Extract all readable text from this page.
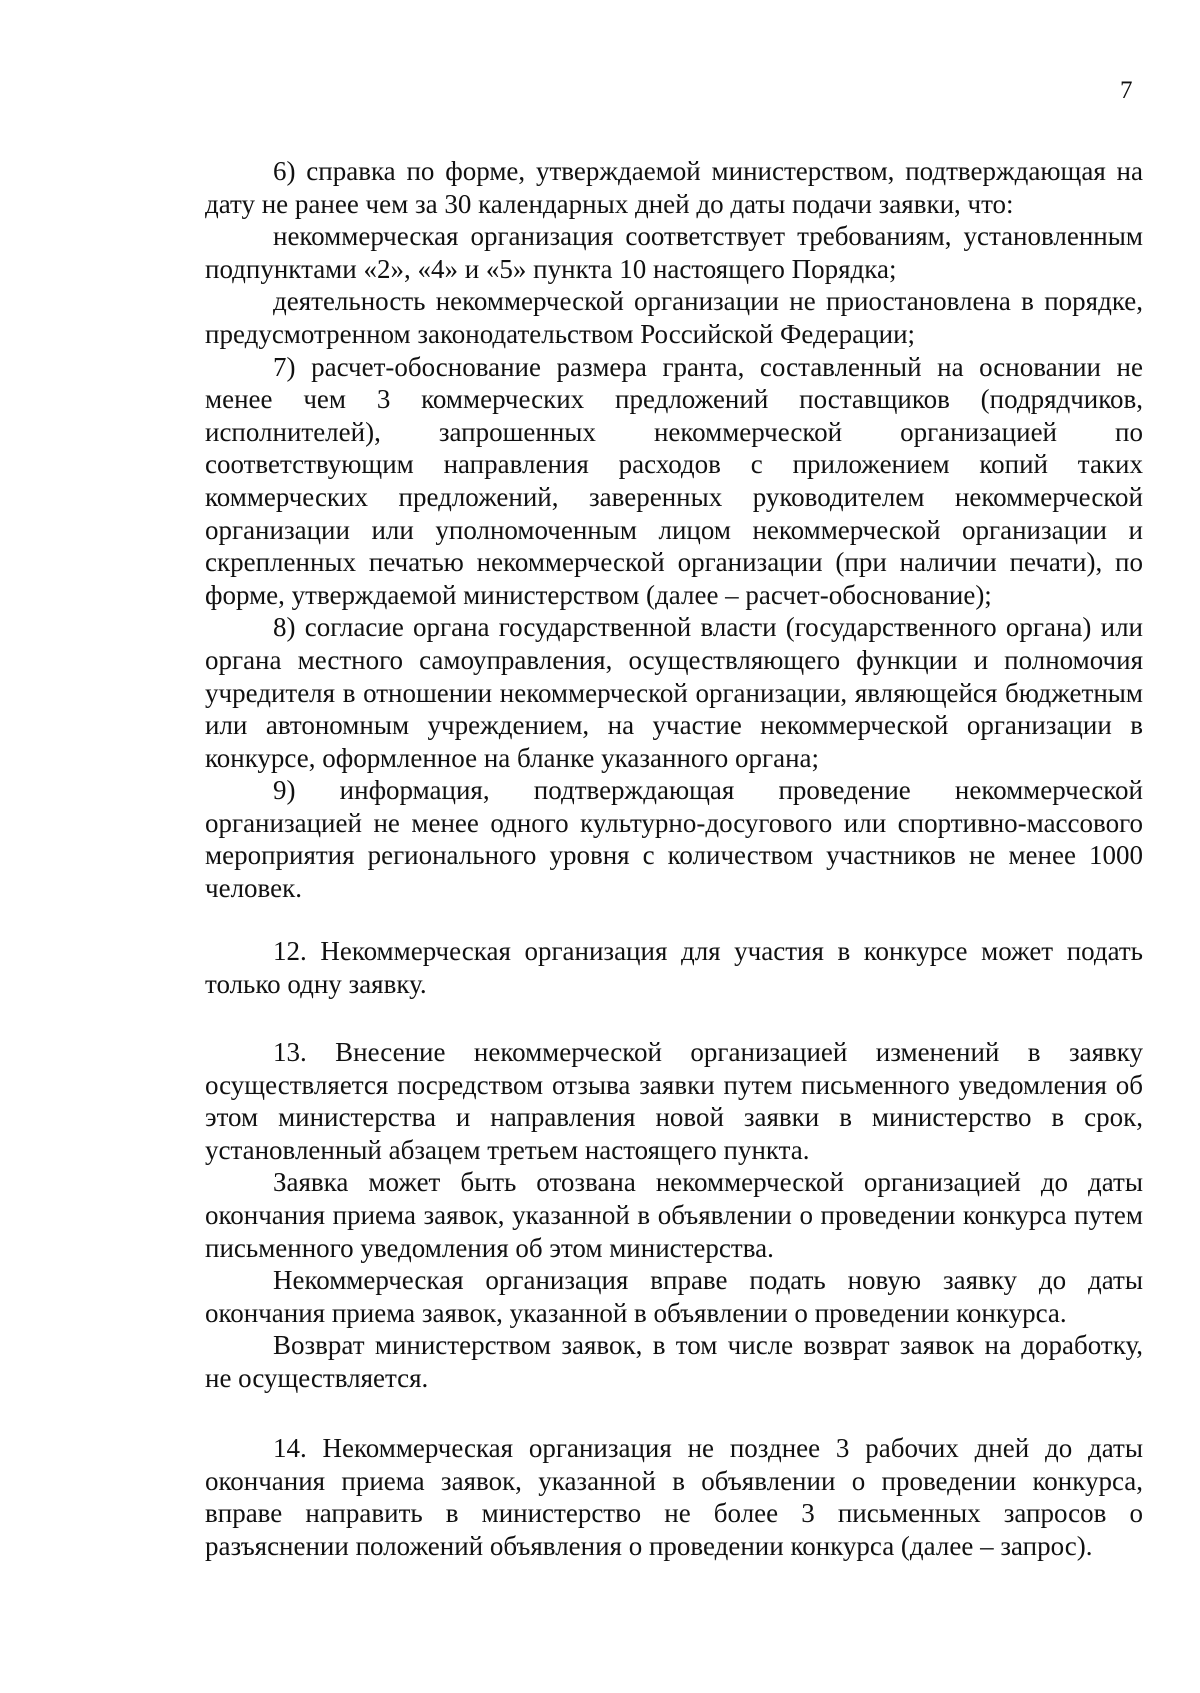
7

6) справка по форме, утверждаемой министерством, подтверждающая на дату не ранее чем за 30 календарных дней до даты подачи заявки, что:

некоммерческая организация соответствует требованиям, установленным подпунктами «2», «4» и «5» пункта 10 настоящего Порядка;

деятельность некоммерческой организации не приостановлена в порядке, предусмотренном законодательством Российской Федерации;

7) расчет-обоснование размера гранта, составленный на основании не менее чем 3 коммерческих предложений поставщиков (подрядчиков, исполнителей), запрошенных некоммерческой организацией по соответствующим направления расходов с приложением копий таких коммерческих предложений, заверенных руководителем некоммерческой организации или уполномоченным лицом некоммерческой организации и скрепленных печатью некоммерческой организации (при наличии печати), по форме, утверждаемой министерством (далее – расчет-обоснование);

8) согласие органа государственной власти (государственного органа) или органа местного самоуправления, осуществляющего функции и полномочия учредителя в отношении некоммерческой организации, являющейся бюджетным или автономным учреждением, на участие некоммерческой организации в конкурсе, оформленное на бланке указанного органа;

9) информация, подтверждающая проведение некоммерческой организацией не менее одного культурно-досугового или спортивно-массового мероприятия регионального уровня с количеством участников не менее 1000 человек.

12. Некоммерческая организация для участия в конкурсе может подать только одну заявку.

13. Внесение некоммерческой организацией изменений в заявку осуществляется посредством отзыва заявки путем письменного уведомления об этом министерства и направления новой заявки в министерство в срок, установленный абзацем третьем настоящего пункта.

Заявка может быть отозвана некоммерческой организацией до даты окончания приема заявок, указанной в объявлении о проведении конкурса путем письменного уведомления об этом министерства.

Некоммерческая организация вправе подать новую заявку до даты окончания приема заявок, указанной в объявлении о проведении конкурса.

Возврат министерством заявок, в том числе возврат заявок на доработку, не осуществляется.

14. Некоммерческая организация не позднее 3 рабочих дней до даты окончания приема заявок, указанной в объявлении о проведении конкурса, вправе направить в министерство не более 3 письменных запросов о разъяснении положений объявления о проведении конкурса (далее – запрос).
